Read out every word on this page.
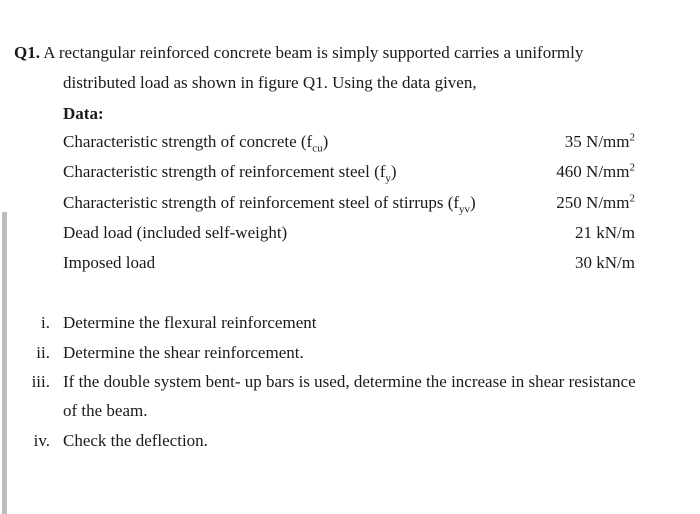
Q1. A rectangular reinforced concrete beam is simply supported carries a uniformly
distributed load as shown in figure Q1. Using the data given,
Data:
Characteristic strength of concrete $(f_{cu})$	35 $N/mm^2$
Characteristic strength of reinforcement steel $(f_y)$	460 $N/mm^2$
Characteristic strength of reinforcement steel of stirrups $(f_{yv})$	250 $N/mm^2$
Dead load (included self-weight)	21 kN/m
Imposed load	30 kN/m
i. Determine the flexural reinforcement
ii. Determine the shear reinforcement.
iii. If the double system bent- up bars is used, determine the increase in shear resistance
of the beam.
iv. Check the deflection.
